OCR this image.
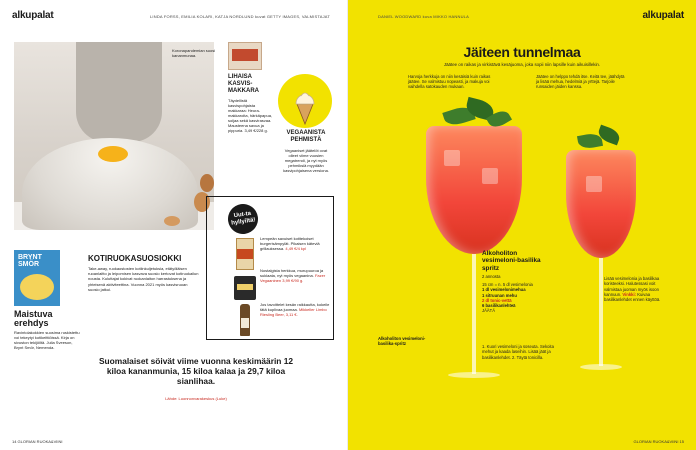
alkupalat	LINDA FORSS, EMILIA KOLARI, KATJA NORDLUND kuvat GETTY IMAGES, VALMISTAJAT
Koronapandemian suosi kananmunaa.
LIHAISA KASVIS-MAKKARA
Täydellistä kasvispohjaista makkaraa: Heura-makkaroita, härkäpapua, soijaa sekä kasvirasvaa. Mausteena savua ja pippuria. 3,49 €/228 g.	VEGAANISTA PEHMISTÄ
Vegaaniset jäätelöt ovat olleet viime vuosien megatrendi, ja nyt myös pehmiksiä myydään kasvipohjaisena versiona.
Uut-ta hyllyiltä!
Lempeän savuiset kotitekoiset burgerisämpylät. Pikaisen käteviä grillauksessa. 4,49 €/4 kpl
Nostalgista herkkua, murupuuroa ja suklaata, nyt myös vegaanina. Fazer Vegaaninen 3,99 €/90 g.
Jos tavoittelet kesän raikkautta, kokeile tätä kuplivaa juomaa. Mikkeller Limbo Riesling Beer, 3,11 €.
BRYNT SMÖR
Maistuva erehdys
Ravintolakokkien suosima ruskistettu voi tekeytyi kotikeittiöissä. Kirja on sivuston tekijöiltä. Julia Sveeson, Brynt Smör, Nemenda.
KOTIRUOKASUOSIOKKI
Take-away, ruokaostosten kotiinkuljetuksia, etätyöläisen ruoanlaitto ja leipomisen kasvava suosio kertovat kotiruokailun nousta. Kuluttajat kokivat ruokanlaiton harrastuksena ja yhteisenä aktiviteettina. Vuonna 2021 myös kasvisruoan suosio jatkui.
Suomalaiset söivät viime vuonna keskimäärin 12 kiloa kananmunia, 15 kiloa kalaa ja 29,7 kiloa sianlihaa.
Lähde: Luonnonvarakeskus (Luke)
14 GLORIAN RUOKA&VIINI
DANIEL WOODWARD kuva MIKKO HANNULA	alkupalat
Jäiteen tunnelmaa
Jäätee on raikas ja virkistävä kesäjuoma, joka sopii niin lapsille kuin aikuisillekin.
Harvoja herkkuja on niin kesäisiä kuin raikas jäätee. Se valmistuu nopeasti, ja makuja voi vaihdella satokauden mukaan.
Jäätee on helppo tehdä itse. Keitä tee, jäähdytä ja lisää mehua, hedelmiä ja yrttejä. Tarjoile runsaiden jäiden kanssa.
Alkoholiton vesimeloni-basilika-spritz
Alkoholiton vesimeloni-basilika spritz
2 annosta
15 cm = n. 5 dl vesimelonia
1 dl vesimelonimehua
1 sitruunan mehu
2 dl tonic-vettä
6 basilikanlehteä
JÄÄTÄ
1. Kuori vesimeloni ja soseuta. Sekoita mehut ja kaada laseihin. Lisää jäät ja basilikanlehdet. 2. Täytä tonicilla.
Lisää vesimelonia ja basilikaa koristeeksi. Halutessasi voit valmistaa juoman myös isoon kannuun. Vinkki: Kuivaa basilikanlehdet ennen käyttöä.
GLORIAN RUOKA&VIINI 15
